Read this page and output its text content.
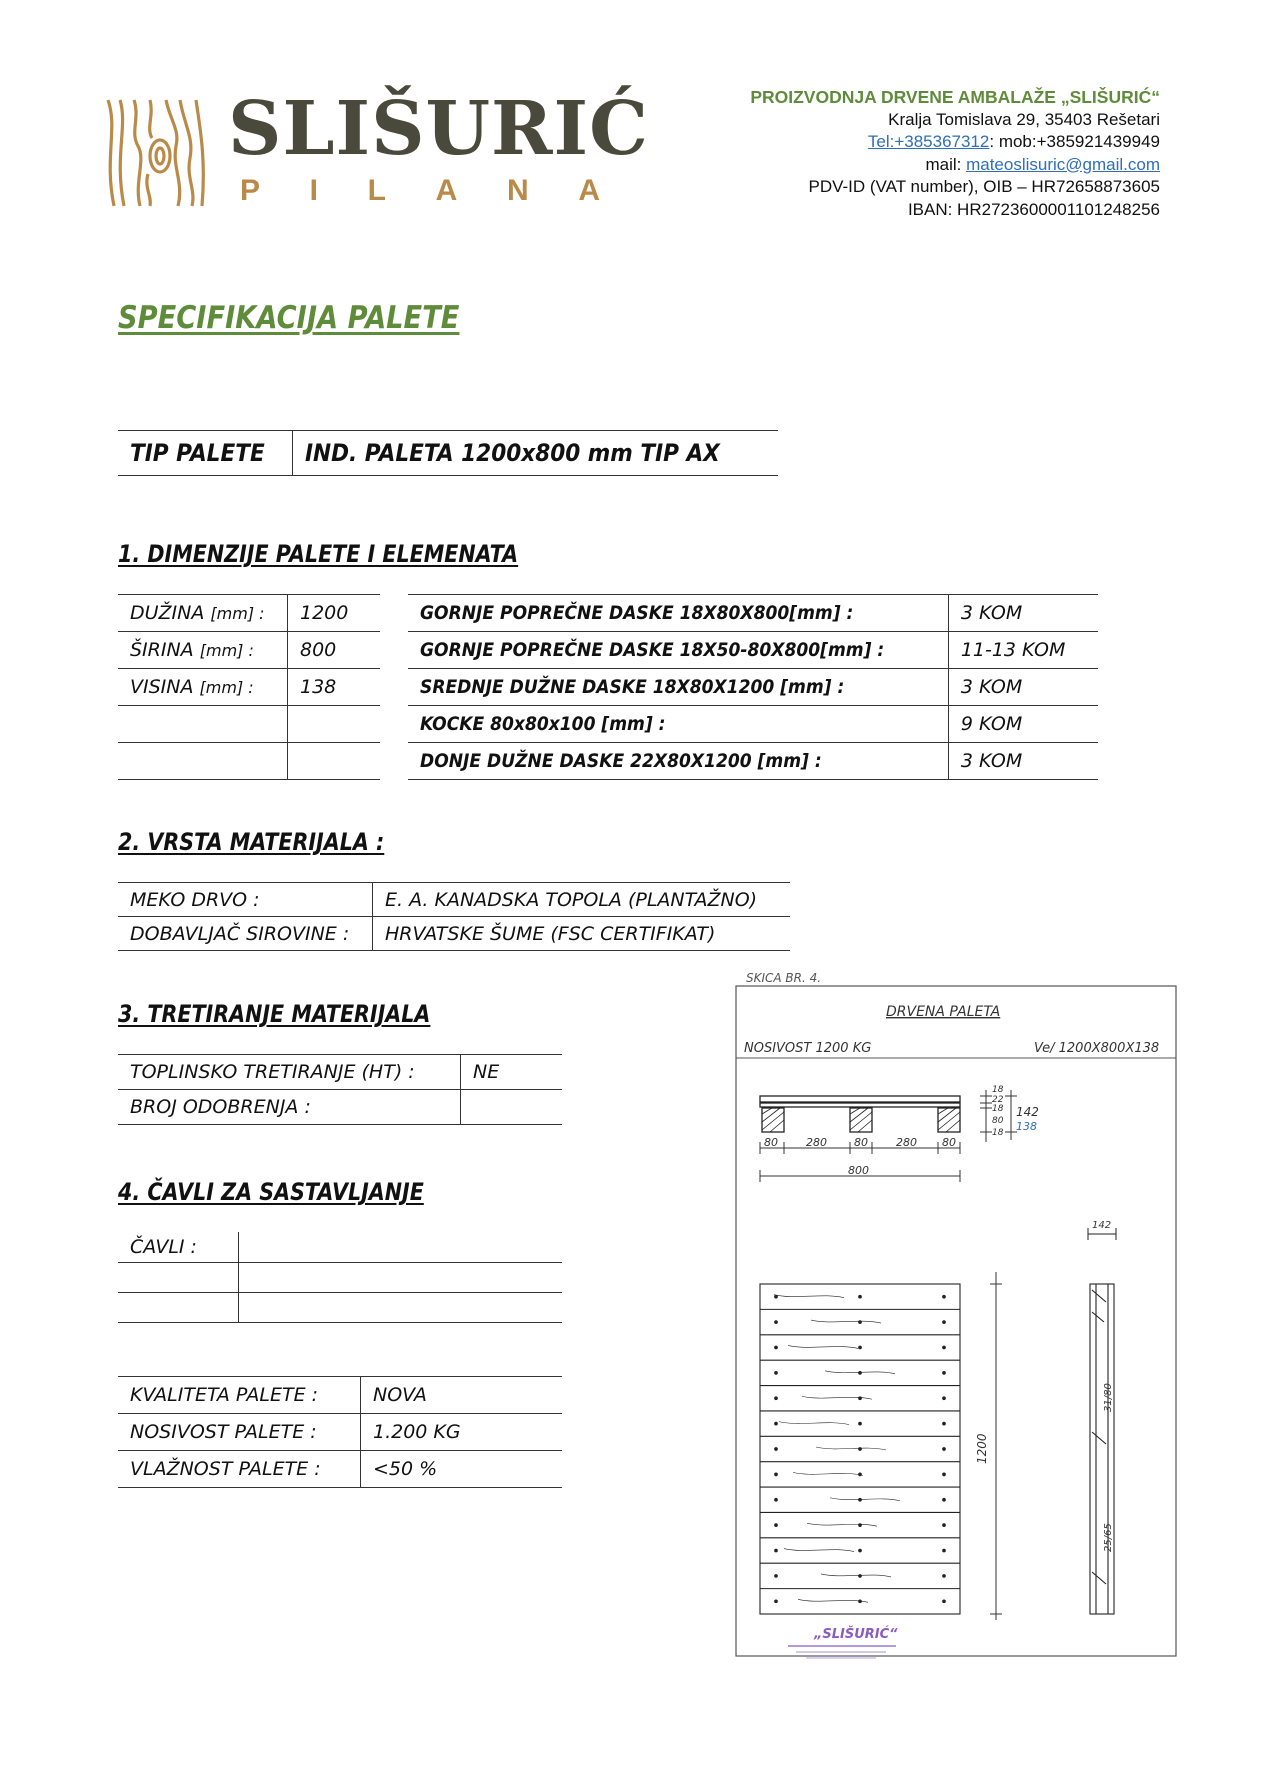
SLIŠURIĆ
P I L A N A
PROIZVODNJA DRVENE AMBALAŽE „SLIŠURIĆ“
Kralja Tomislava 29, 35403 Rešetari
Tel:+385367312: mob:+385921439949
mail: mateoslisuric@gmail.com
PDV-ID (VAT number), OIB – HR72658873605
IBAN: HR2723600001101248256
SPECIFIKACIJA PALETE
TIP PALETE	IND. PALETA 1200x800 mm TIP AX
1. DIMENZIJE PALETE I ELEMENATA
DUŽINA [mm] :	1200
ŠIRINA [mm] :	800
VISINA [mm] :	138

GORNJE POPREČNE DASKE 18X80X800[mm] :	3 KOM
GORNJE POPREČNE DASKE 18X50-80X800[mm] :	11-13 KOM
SREDNJE DUŽNE DASKE 18X80X1200 [mm] :	3 KOM
KOCKE 80x80x100 [mm] :	9 KOM
DONJE DUŽNE DASKE 22X80X1200 [mm] :	3 KOM
2. VRSTA MATERIJALA :
MEKO DRVO :	E. A. KANADSKA TOPOLA (PLANTAŽNO)
DOBAVLJAČ SIROVINE :	HRVATSKE ŠUME (FSC CERTIFIKAT)
3. TRETIRANJE MATERIJALA
TOPLINSKO TRETIRANJE (HT) :	NE
BROJ ODOBRENJA :	
4. ČAVLI ZA SASTAVLJANJE
ČAVLI :	

KVALITETA PALETE :	NOVA
NOSIVOST PALETE :	1.200 KG
VLAŽNOST PALETE :	<50 %
SKICA BR. 4.
DRVENA PALETA
NOSIVOST 1200 KG	Ve/ 1200X800X138
80	280 80	280 80
800
18
22
18
80
18
142
138
1200
142
31/80
25/65
„SLIŠURIĆ“
